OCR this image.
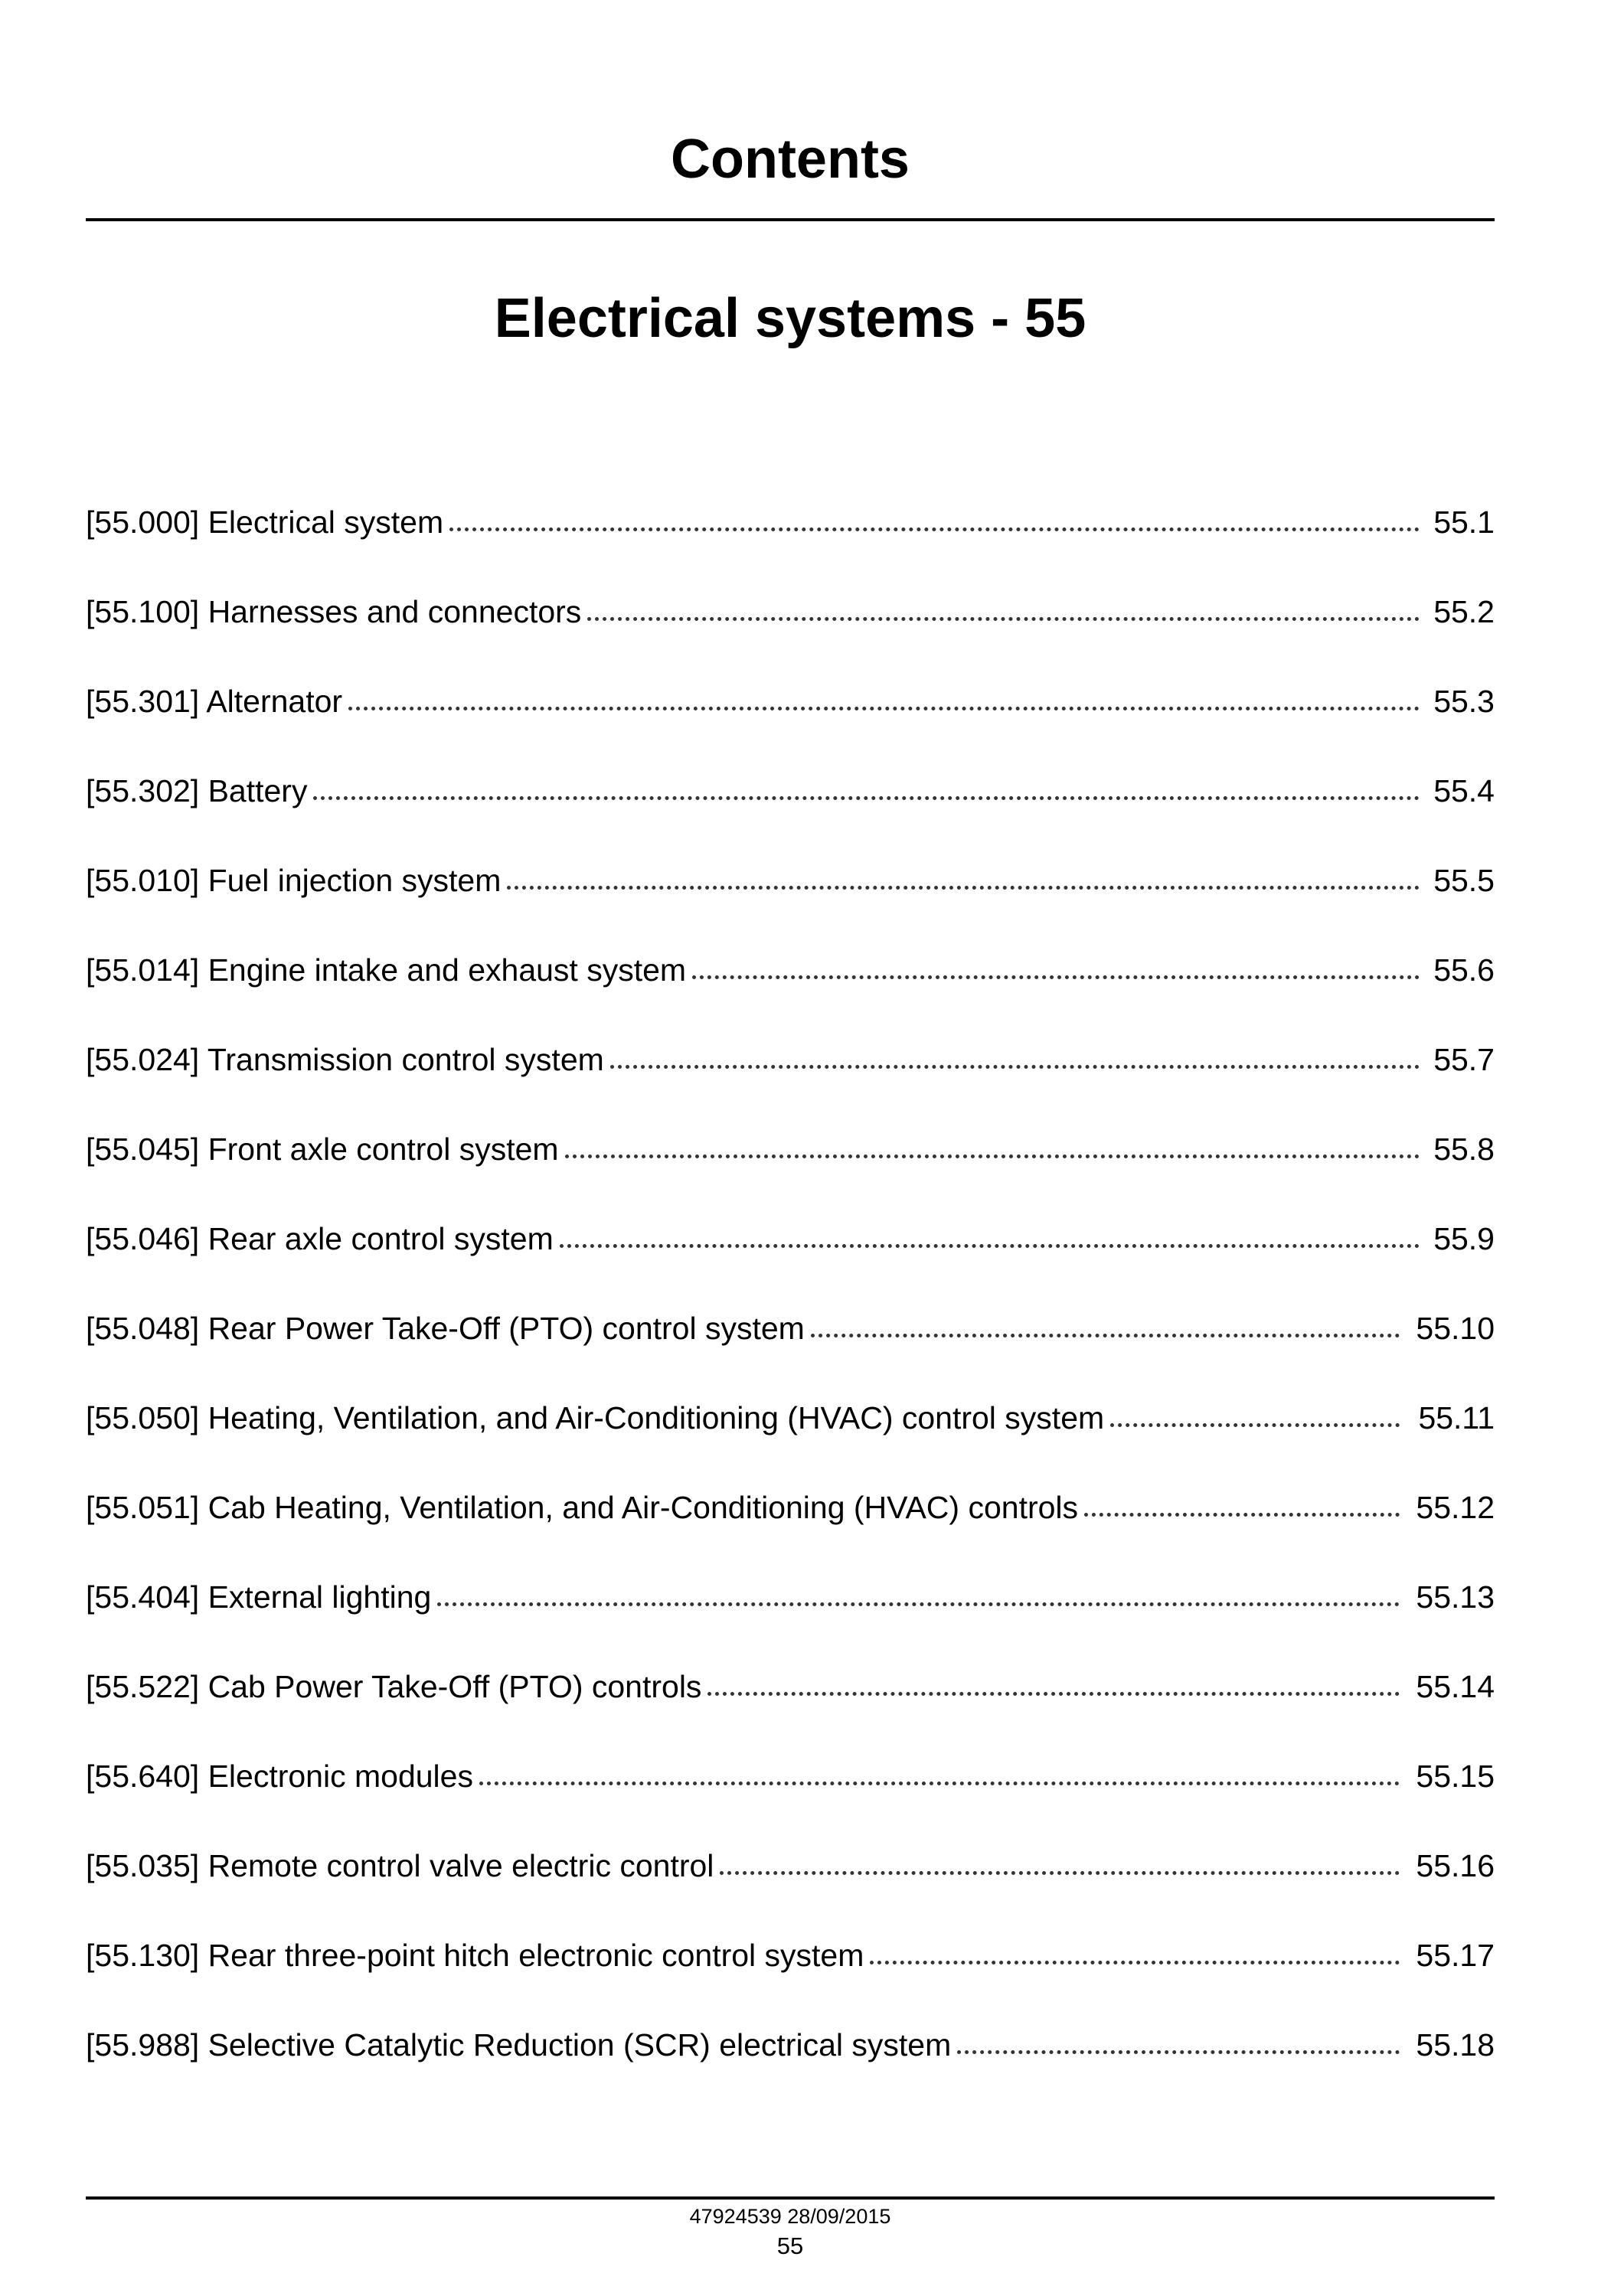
Contents
Electrical systems - 55
[55.000] Electrical system	55.1
[55.100] Harnesses and connectors	55.2
[55.301] Alternator	55.3
[55.302] Battery	55.4
[55.010] Fuel injection system	55.5
[55.014] Engine intake and exhaust system	55.6
[55.024] Transmission control system	55.7
[55.045] Front axle control system	55.8
[55.046] Rear axle control system	55.9
[55.048] Rear Power Take-Off (PTO) control system	55.10
[55.050] Heating, Ventilation, and Air-Conditioning (HVAC) control system	55.11
[55.051] Cab Heating, Ventilation, and Air-Conditioning (HVAC) controls	55.12
[55.404] External lighting	55.13
[55.522] Cab Power Take-Off (PTO) controls	55.14
[55.640] Electronic modules	55.15
[55.035] Remote control valve electric control	55.16
[55.130] Rear three-point hitch electronic control system	55.17
[55.988] Selective Catalytic Reduction (SCR) electrical system	55.18

47924539 28/09/2015

55
